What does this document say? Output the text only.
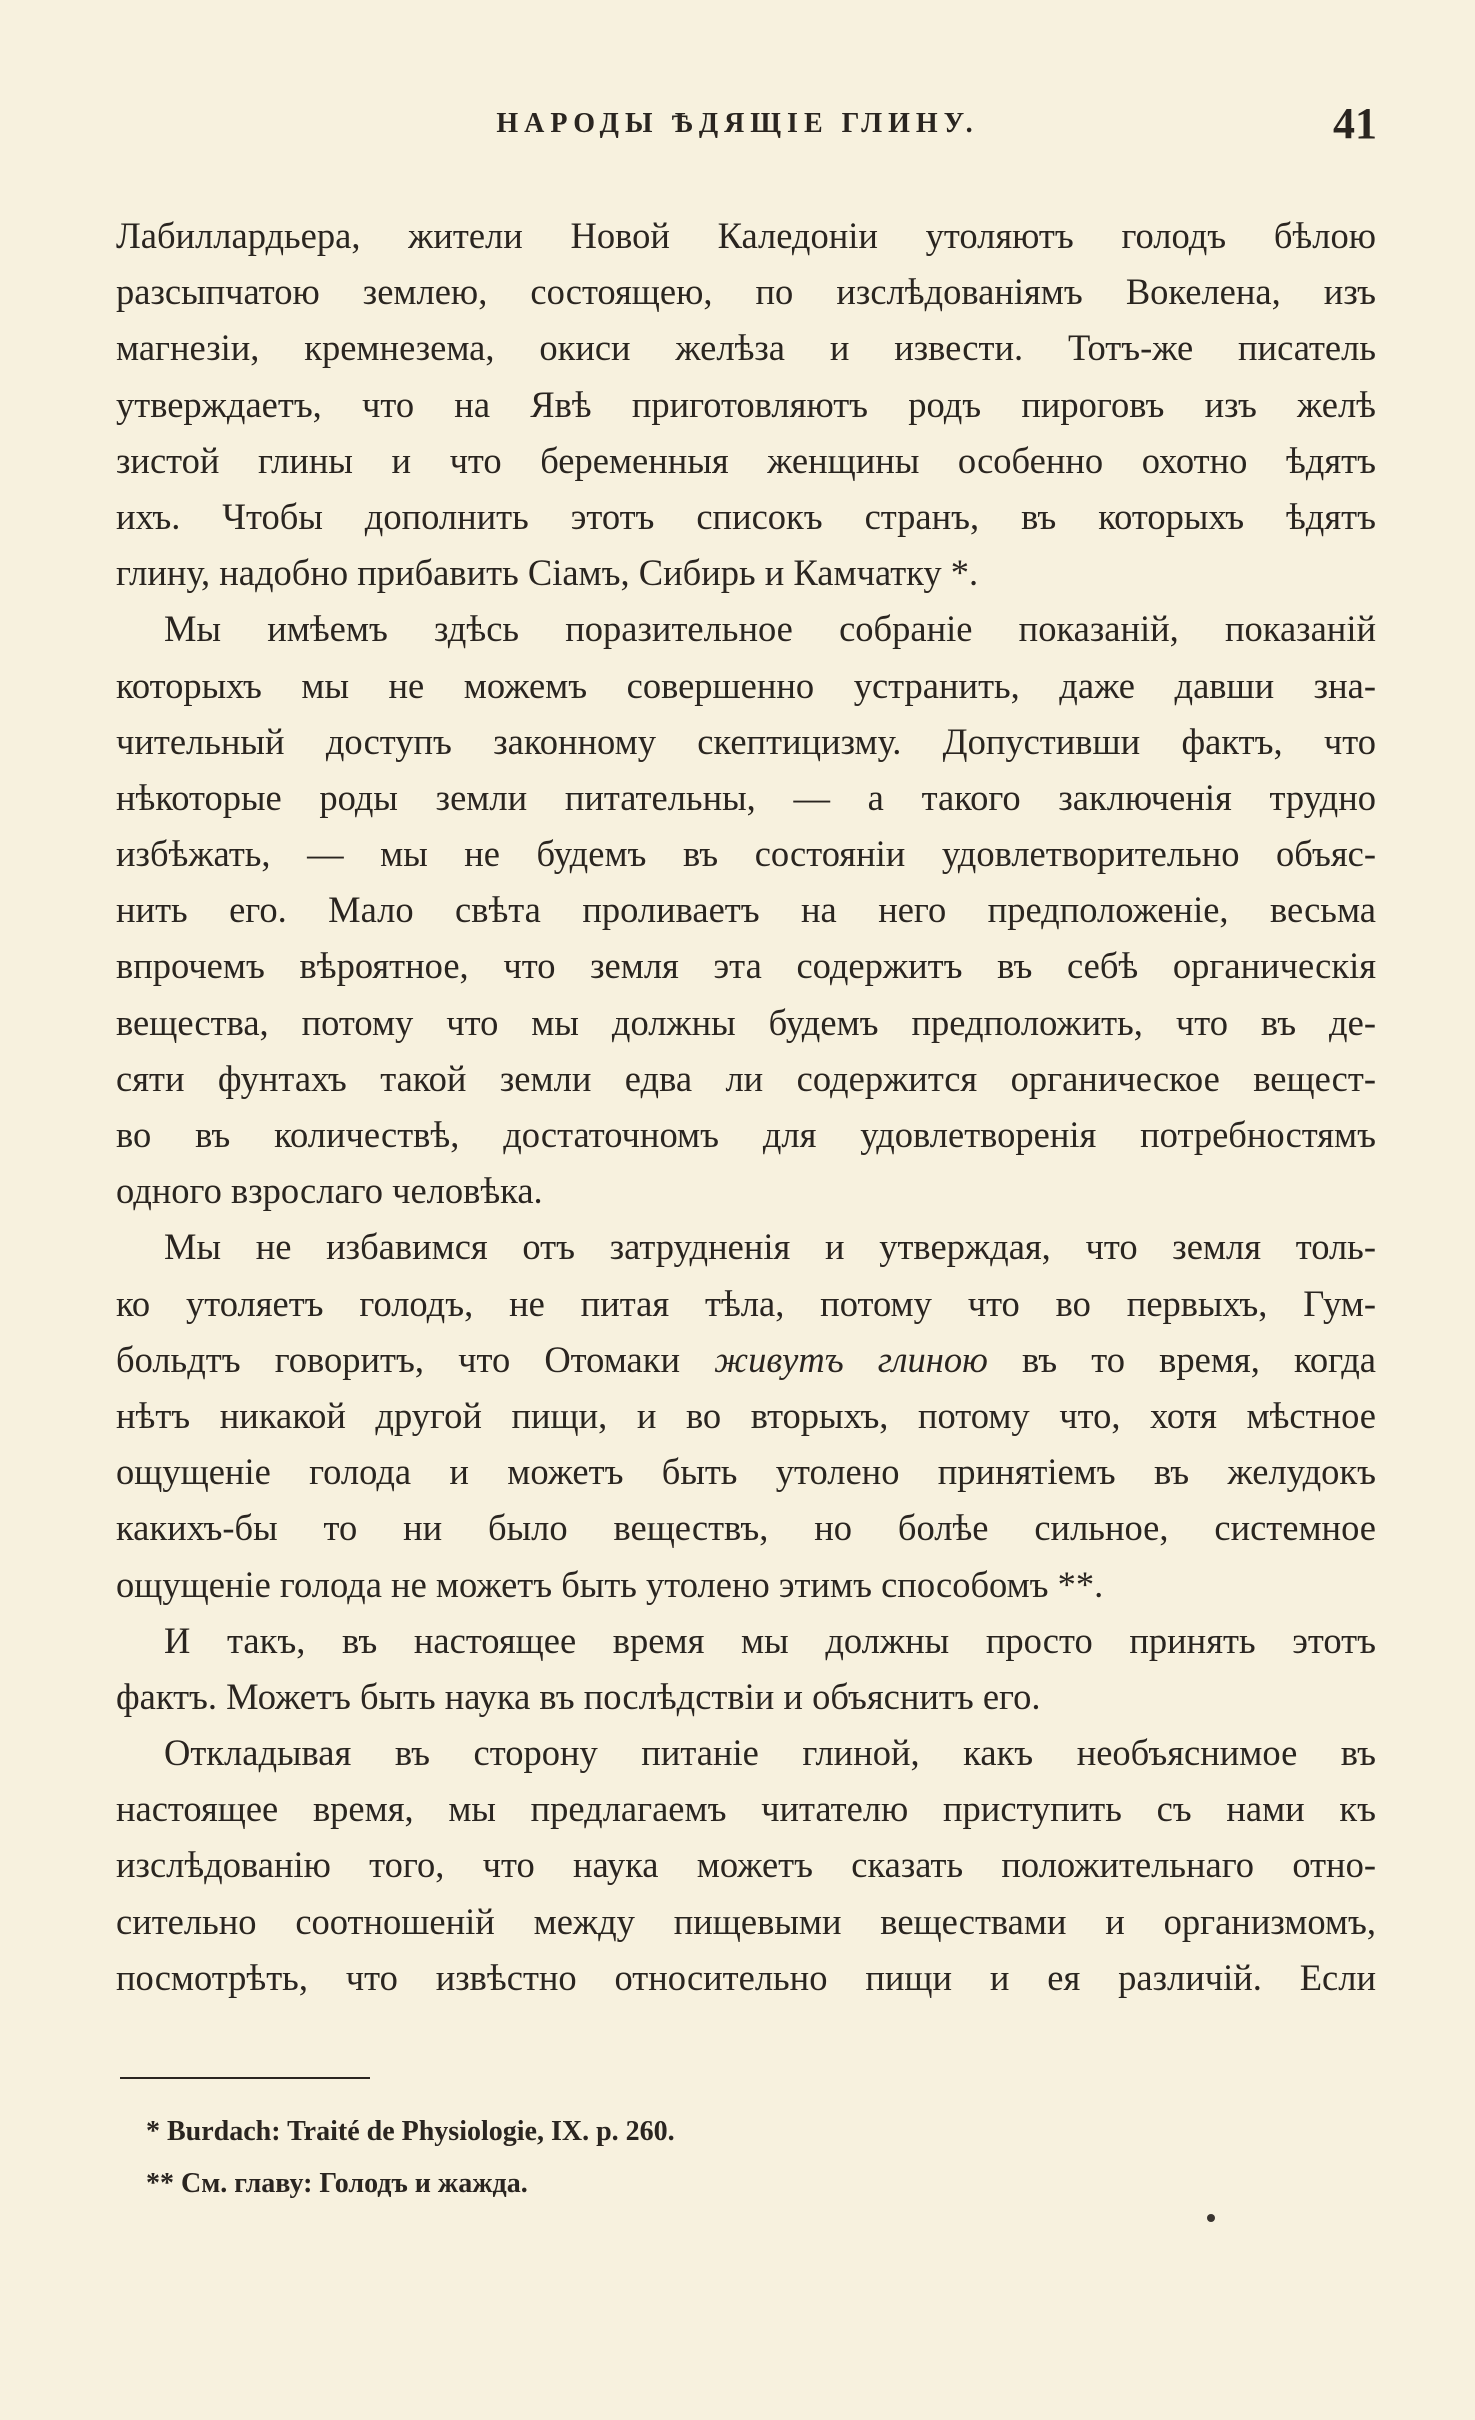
НАРОДЫ ѢДЯЩІЕ ГЛИНУ.	41
Лабиллардьера, жители Новой Каледоніи утоляютъ голодъ бѣлою
разсыпчатою землею, состоящею, по изслѣдованіямъ Вокелена, изъ
магнезіи, кремнезема, окиси желѣза и извести. Тотъ-же писатель
утверждаетъ, что на Явѣ приготовляютъ родъ пироговъ изъ желѣ
зистой глины и что беременныя женщины особенно охотно ѣдятъ
ихъ. Чтобы дополнить этотъ списокъ странъ, въ которыхъ ѣдятъ
глину, надобно прибавить Сіамъ, Сибирь и Камчатку *.
Мы имѣемъ здѣсь поразительное собраніе показаній, показаній
которыхъ мы не можемъ совершенно устранить, даже давши зна-
чительный доступъ законному скептицизму. Допустивши фактъ, что
нѣкоторые роды земли питательны, — а такого заключенія трудно
избѣжать, — мы не будемъ въ состояніи удовлетворительно объяс-
нить его. Мало свѣта проливаетъ на него предположеніе, весьма
впрочемъ вѣроятное, что земля эта содержитъ въ себѣ органическія
вещества, потому что мы должны будемъ предположить, что въ де-
сяти фунтахъ такой земли едва ли содержится органическое вещест-
во въ количествѣ, достаточномъ для удовлетворенія потребностямъ
одного взрослаго человѣка.
Мы не избавимся отъ затрудненія и утверждая, что земля толь-
ко утоляетъ голодъ, не питая тѣла, потому что во первыхъ, Гум-
больдтъ говоритъ, что Отомаки живутъ глиною въ то время, когда
нѣтъ никакой другой пищи, и во вторыхъ, потому что, хотя мѣстное
ощущеніе голода и можетъ быть утолено принятіемъ въ желудокъ
какихъ-бы то ни было веществъ, но болѣе сильное, системное
ощущеніе голода не можетъ быть утолено этимъ способомъ **.
И такъ, въ настоящее время мы должны просто принять этотъ
фактъ. Можетъ быть наука въ послѣдствіи и объяснитъ его.
Откладывая въ сторону питаніе глиной, какъ необъяснимое въ
настоящее время, мы предлагаемъ читателю приступить съ нами къ
изслѣдованію того, что наука можетъ сказать положительнаго отно-
сительно соотношеній между пищевыми веществами и организмомъ,
посмотрѣть, что извѣстно относительно пищи и ея различій. Если
* Burdach: Traité de Physiologie, IX. p. 260.
** См. главу: Голодъ и жажда.
